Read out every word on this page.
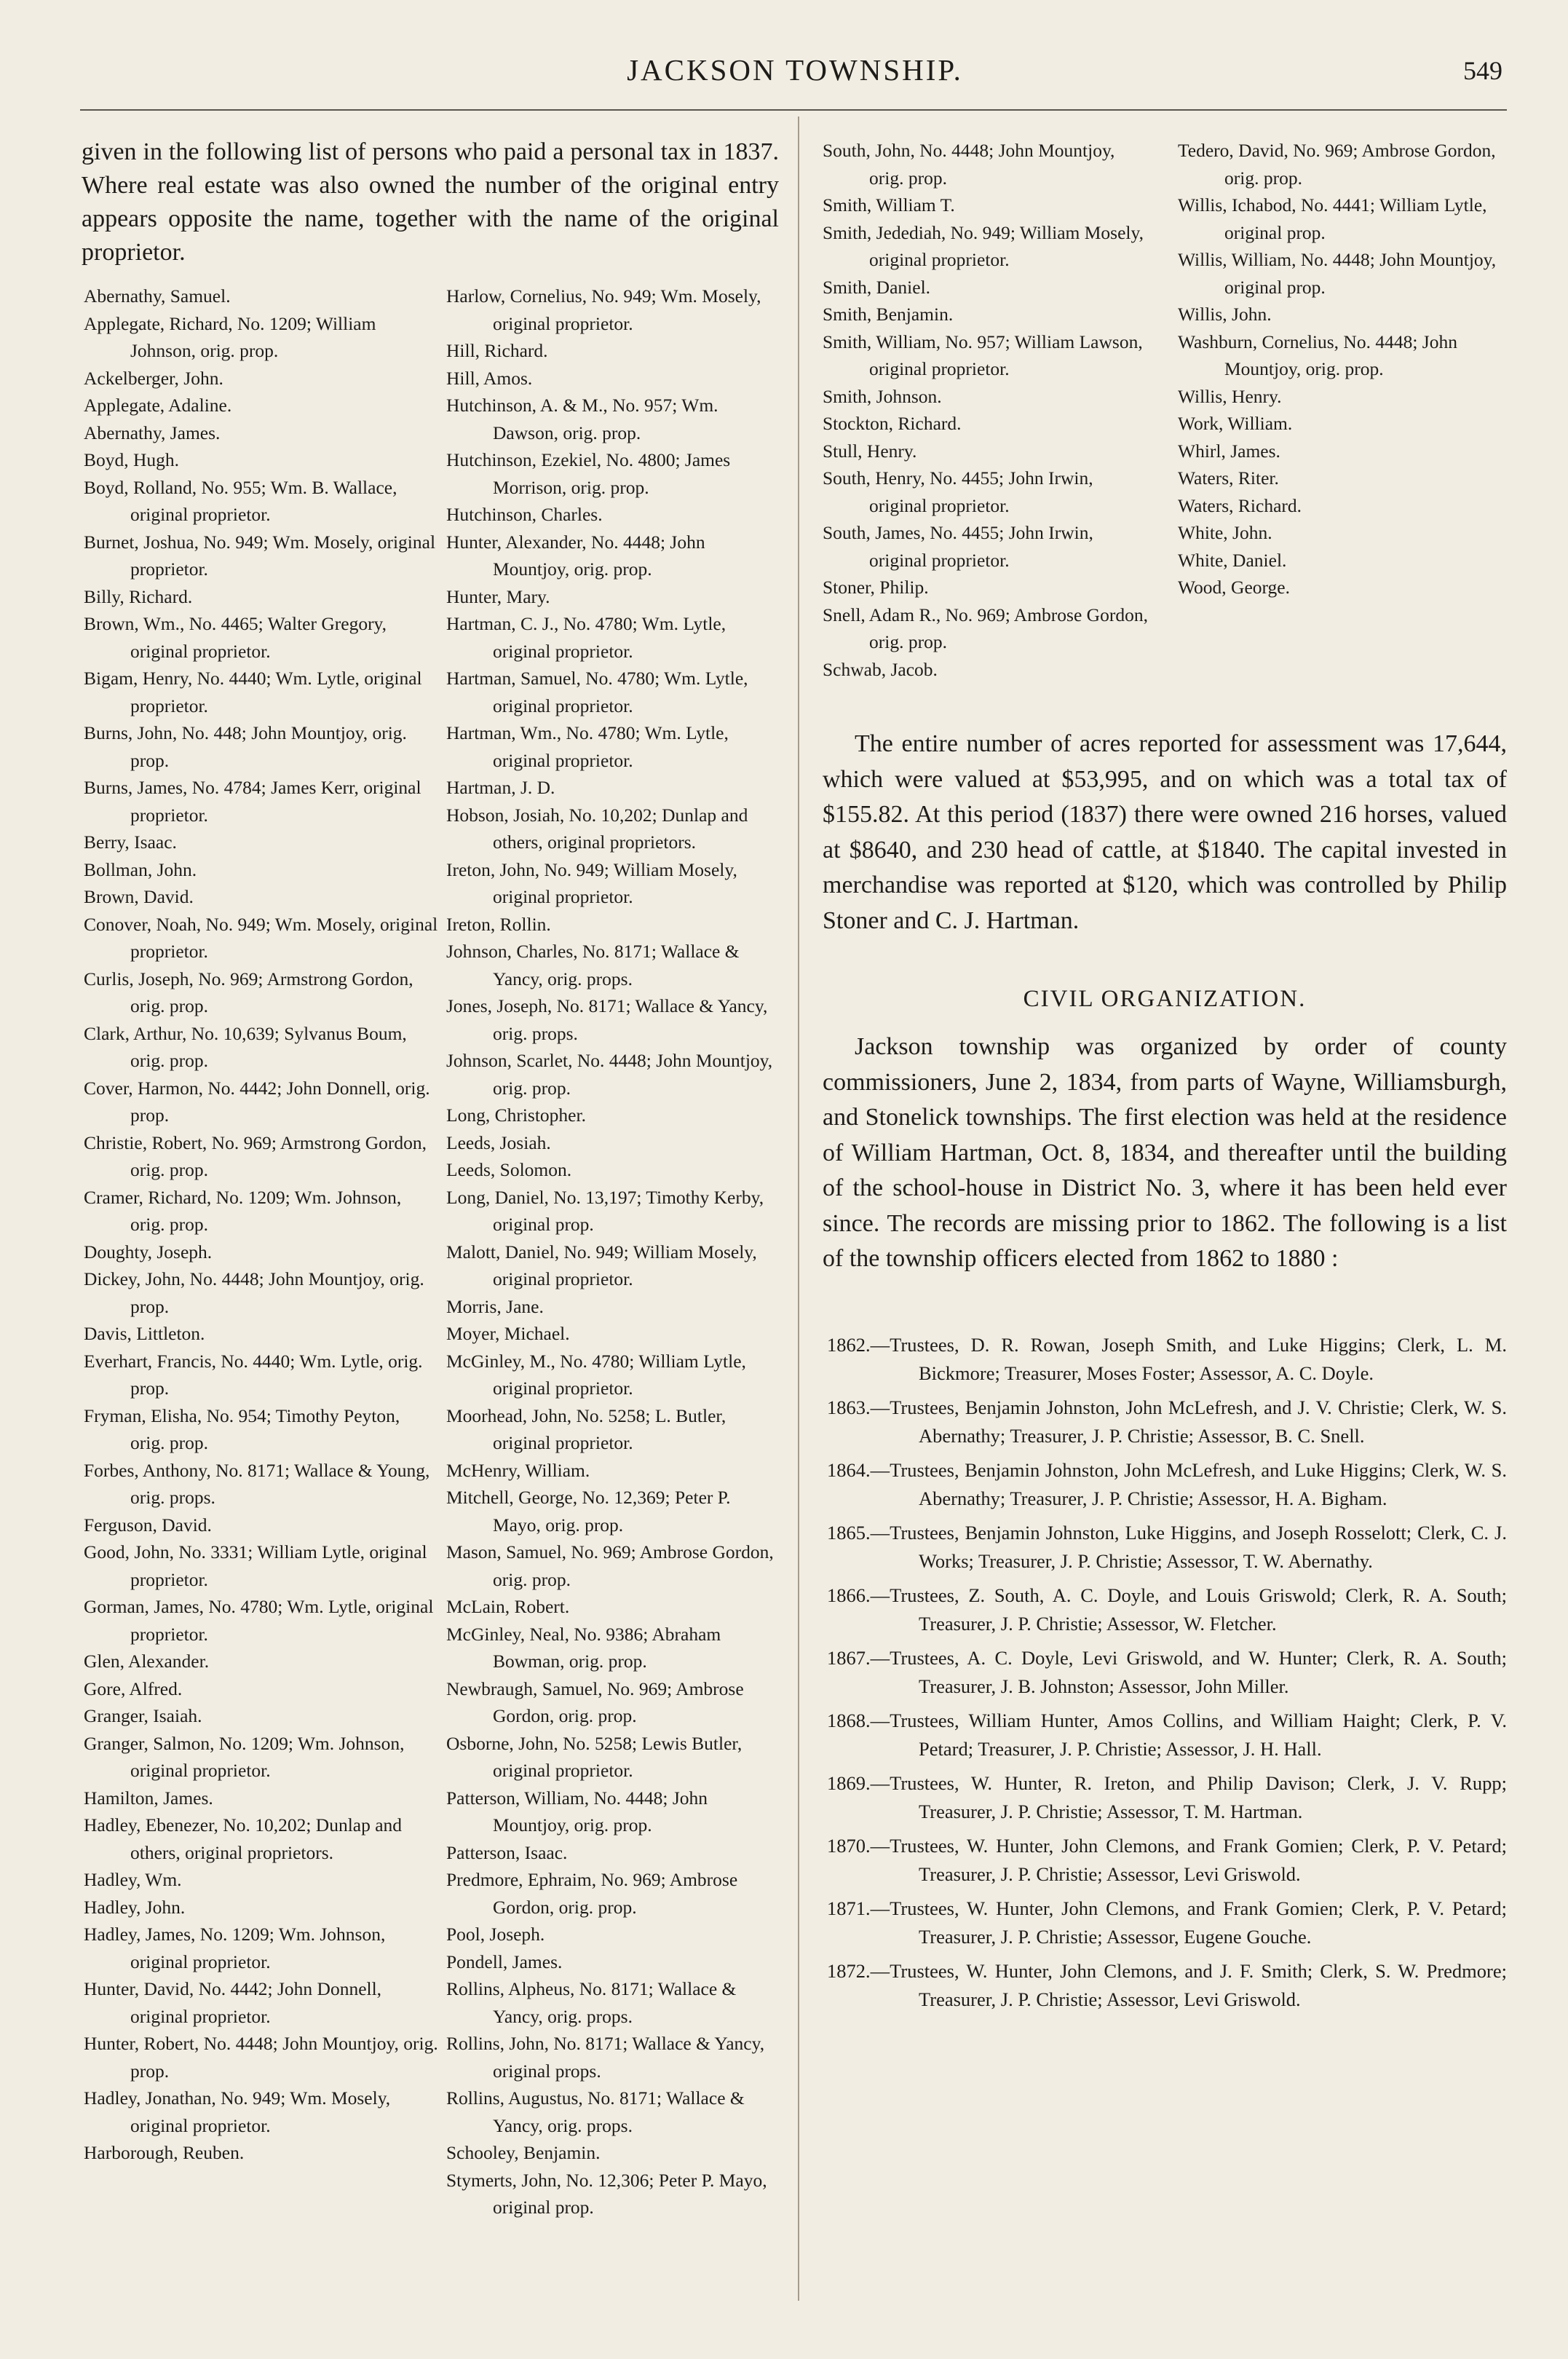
JACKSON TOWNSHIP.	549

given in the following list of persons who paid a personal tax in 1837. Where real estate was also owned the number of the original entry appears opposite the name, together with the name of the original proprietor.

Abernathy, Samuel.

Applegate, Richard, No. 1209; William Johnson, orig. prop.

Ackelberger, John.

Applegate, Adaline.

Abernathy, James.

Boyd, Hugh.

Boyd, Rolland, No. 955; Wm. B. Wallace, original proprietor.

Burnet, Joshua, No. 949; Wm. Mosely, original proprietor.

Billy, Richard.

Brown, Wm., No. 4465; Walter Gregory, original proprietor.

Bigam, Henry, No. 4440; Wm. Lytle, original proprietor.

Burns, John, No. 448; John Mountjoy, orig. prop.

Burns, James, No. 4784; James Kerr, original proprietor.

Berry, Isaac.

Bollman, John.

Brown, David.

Conover, Noah, No. 949; Wm. Mosely, original proprietor.

Curlis, Joseph, No. 969; Armstrong Gordon, orig. prop.

Clark, Arthur, No. 10,639; Sylvanus Boum, orig. prop.

Cover, Harmon, No. 4442; John Donnell, orig. prop.

Christie, Robert, No. 969; Armstrong Gordon, orig. prop.

Cramer, Richard, No. 1209; Wm. Johnson, orig. prop.

Doughty, Joseph.

Dickey, John, No. 4448; John Mountjoy, orig. prop.

Davis, Littleton.

Everhart, Francis, No. 4440; Wm. Lytle, orig. prop.

Fryman, Elisha, No. 954; Timothy Peyton, orig. prop.

Forbes, Anthony, No. 8171; Wallace & Young, orig. props.

Ferguson, David.

Good, John, No. 3331; William Lytle, original proprietor.

Gorman, James, No. 4780; Wm. Lytle, original proprietor.

Glen, Alexander.

Gore, Alfred.

Granger, Isaiah.

Granger, Salmon, No. 1209; Wm. Johnson, original proprietor.

Hamilton, James.

Hadley, Ebenezer, No. 10,202; Dunlap and others, original proprietors.

Hadley, Wm.

Hadley, John.

Hadley, James, No. 1209; Wm. Johnson, original proprietor.

Hunter, David, No. 4442; John Donnell, original proprietor.

Hunter, Robert, No. 4448; John Mountjoy, orig. prop.

Hadley, Jonathan, No. 949; Wm. Mosely, original proprietor.

Harborough, Reuben.

Harlow, Cornelius, No. 949; Wm. Mosely, original proprietor.

Hill, Richard.

Hill, Amos.

Hutchinson, A. & M., No. 957; Wm. Dawson, orig. prop.

Hutchinson, Ezekiel, No. 4800; James Morrison, orig. prop.

Hutchinson, Charles.

Hunter, Alexander, No. 4448; John Mountjoy, orig. prop.

Hunter, Mary.

Hartman, C. J., No. 4780; Wm. Lytle, original proprietor.

Hartman, Samuel, No. 4780; Wm. Lytle, original proprietor.

Hartman, Wm., No. 4780; Wm. Lytle, original proprietor.

Hartman, J. D.

Hobson, Josiah, No. 10,202; Dunlap and others, original proprietors.

Ireton, John, No. 949; William Mosely, original proprietor.

Ireton, Rollin.

Johnson, Charles, No. 8171; Wallace & Yancy, orig. props.

Jones, Joseph, No. 8171; Wallace & Yancy, orig. props.

Johnson, Scarlet, No. 4448; John Mountjoy, orig. prop.

Long, Christopher.

Leeds, Josiah.

Leeds, Solomon.

Long, Daniel, No. 13,197; Timothy Kerby, original prop.

Malott, Daniel, No. 949; William Mosely, original proprietor.

Morris, Jane.

Moyer, Michael.

McGinley, M., No. 4780; William Lytle, original proprietor.

Moorhead, John, No. 5258; L. Butler, original proprietor.

McHenry, William.

Mitchell, George, No. 12,369; Peter P. Mayo, orig. prop.

Mason, Samuel, No. 969; Ambrose Gordon, orig. prop.

McLain, Robert.

McGinley, Neal, No. 9386; Abraham Bowman, orig. prop.

Newbraugh, Samuel, No. 969; Ambrose Gordon, orig. prop.

Osborne, John, No. 5258; Lewis Butler, original proprietor.

Patterson, William, No. 4448; John Mountjoy, orig. prop.

Patterson, Isaac.

Predmore, Ephraim, No. 969; Ambrose Gordon, orig. prop.

Pool, Joseph.

Pondell, James.

Rollins, Alpheus, No. 8171; Wallace & Yancy, orig. props.

Rollins, John, No. 8171; Wallace & Yancy, original props.

Rollins, Augustus, No. 8171; Wallace & Yancy, orig. props.

Schooley, Benjamin.

Stymerts, John, No. 12,306; Peter P. Mayo, original prop.

South, John, No. 4448; John Mountjoy, orig. prop.

Smith, William T.

Smith, Jedediah, No. 949; William Mosely, original proprietor.

Smith, Daniel.

Smith, Benjamin.

Smith, William, No. 957; William Lawson, original proprietor.

Smith, Johnson.

Stockton, Richard.

Stull, Henry.

South, Henry, No. 4455; John Irwin, original proprietor.

South, James, No. 4455; John Irwin, original proprietor.

Stoner, Philip.

Snell, Adam R., No. 969; Ambrose Gordon, orig. prop.

Schwab, Jacob.

Tedero, David, No. 969; Ambrose Gordon, orig. prop.

Willis, Ichabod, No. 4441; William Lytle, original prop.

Willis, William, No. 4448; John Mountjoy, original prop.

Willis, John.

Washburn, Cornelius, No. 4448; John Mountjoy, orig. prop.

Willis, Henry.

Work, William.

Whirl, James.

Waters, Riter.

Waters, Richard.

White, John.

White, Daniel.

Wood, George.

The entire number of acres reported for assessment was 17,644, which were valued at $53,995, and on which was a total tax of $155.82. At this period (1837) there were owned 216 horses, valued at $8640, and 230 head of cattle, at $1840. The capital invested in merchandise was reported at $120, which was controlled by Philip Stoner and C. J. Hartman.

CIVIL ORGANIZATION.

Jackson township was organized by order of county commissioners, June 2, 1834, from parts of Wayne, Williamsburgh, and Stonelick townships. The first election was held at the residence of William Hartman, Oct. 8, 1834, and thereafter until the building of the school-house in District No. 3, where it has been held ever since. The records are missing prior to 1862. The following is a list of the township officers elected from 1862 to 1880 :

1862.—Trustees, D. R. Rowan, Joseph Smith, and Luke Higgins; Clerk, L. M. Bickmore; Treasurer, Moses Foster; Assessor, A. C. Doyle.

1863.—Trustees, Benjamin Johnston, John McLefresh, and J. V. Christie; Clerk, W. S. Abernathy; Treasurer, J. P. Christie; Assessor, B. C. Snell.

1864.—Trustees, Benjamin Johnston, John McLefresh, and Luke Higgins; Clerk, W. S. Abernathy; Treasurer, J. P. Christie; Assessor, H. A. Bigham.

1865.—Trustees, Benjamin Johnston, Luke Higgins, and Joseph Rosselott; Clerk, C. J. Works; Treasurer, J. P. Christie; Assessor, T. W. Abernathy.

1866.—Trustees, Z. South, A. C. Doyle, and Louis Griswold; Clerk, R. A. South; Treasurer, J. P. Christie; Assessor, W. Fletcher.

1867.—Trustees, A. C. Doyle, Levi Griswold, and W. Hunter; Clerk, R. A. South; Treasurer, J. B. Johnston; Assessor, John Miller.

1868.—Trustees, William Hunter, Amos Collins, and William Haight; Clerk, P. V. Petard; Treasurer, J. P. Christie; Assessor, J. H. Hall.

1869.—Trustees, W. Hunter, R. Ireton, and Philip Davison; Clerk, J. V. Rupp; Treasurer, J. P. Christie; Assessor, T. M. Hartman.

1870.—Trustees, W. Hunter, John Clemons, and Frank Gomien; Clerk, P. V. Petard; Treasurer, J. P. Christie; Assessor, Levi Griswold.

1871.—Trustees, W. Hunter, John Clemons, and Frank Gomien; Clerk, P. V. Petard; Treasurer, J. P. Christie; Assessor, Eugene Gouche.

1872.—Trustees, W. Hunter, John Clemons, and J. F. Smith; Clerk, S. W. Predmore; Treasurer, J. P. Christie; Assessor, Levi Griswold.
